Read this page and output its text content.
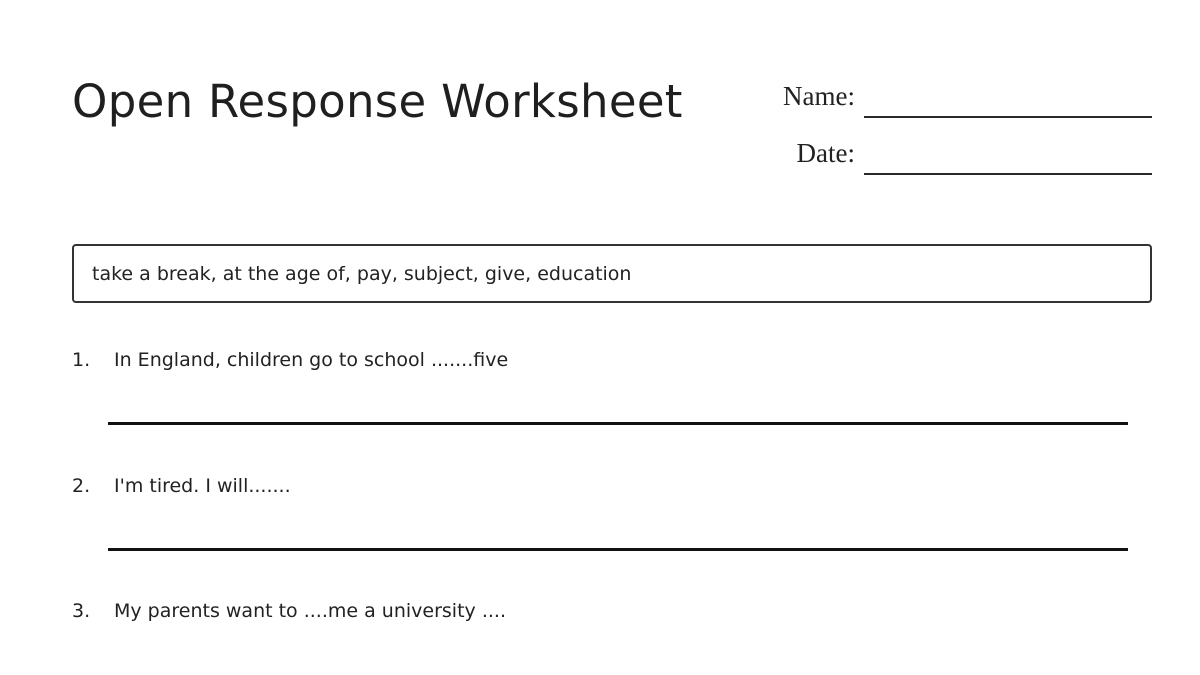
Open Response Worksheet	Name:
Date:
take a break, at the age of, pay, subject, give, education
1. In England, children go to school .......five
2. I'm tired. I will.......
3. My parents want to ....me a university ....
